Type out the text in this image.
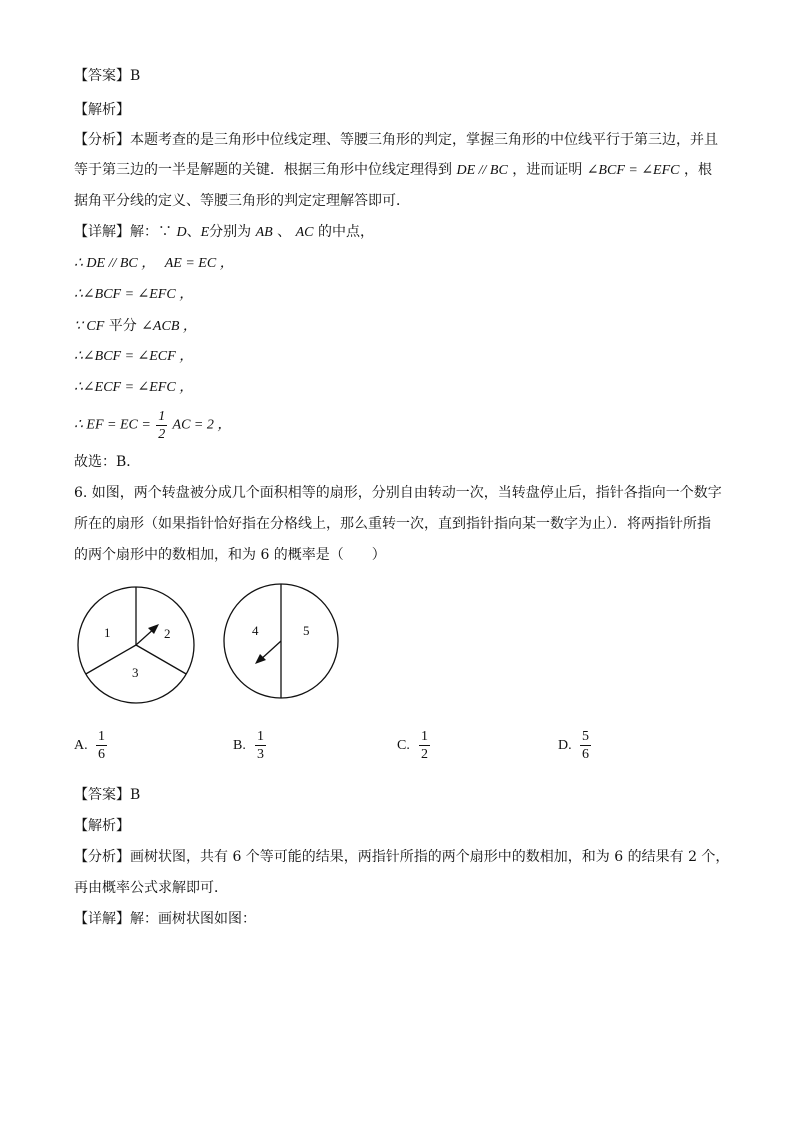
【答案】B
【解析】
【分析】本题考查的是三角形中位线定理、等腰三角形的判定，掌握三角形的中位线平行于第三边，并且
等于第三边的一半是解题的关键．根据三角形中位线定理得到 DE // BC ，进而证明 ∠BCF = ∠EFC ，根
据角平分线的定义、等腰三角形的判定定理解答即可．
【详解】解：∵ D、E分别为 AB 、 AC 的中点，
∴ DE // BC ， AE = EC ，
∴∠BCF = ∠EFC ，
∵ CF 平分 ∠ACB ，
∴∠BCF = ∠ECF ，
∴∠ECF = ∠EFC ，
∴ EF = EC = $\frac{1}{2}$ AC = 2 ，
故选：B．
6. 如图，两个转盘被分成几个面积相等的扇形，分别自由转动一次，当转盘停止后，指针各指向一个数字
所在的扇形（如果指针恰好指在分格线上，那么重转一次，直到指针指向某一数字为止）．将两指针所指
的两个扇形中的数相加，和为 6 的概率是（　　）
1	2
3
4	5
A. $\frac{1}{6}$	B. $\frac{1}{3}$	C. $\frac{1}{2}$	D. $\frac{5}{6}$
【答案】B
【解析】
【分析】画树状图，共有 6 个等可能的结果，两指针所指的两个扇形中的数相加，和为 6 的结果有 2 个，
再由概率公式求解即可．
【详解】解：画树状图如图：
